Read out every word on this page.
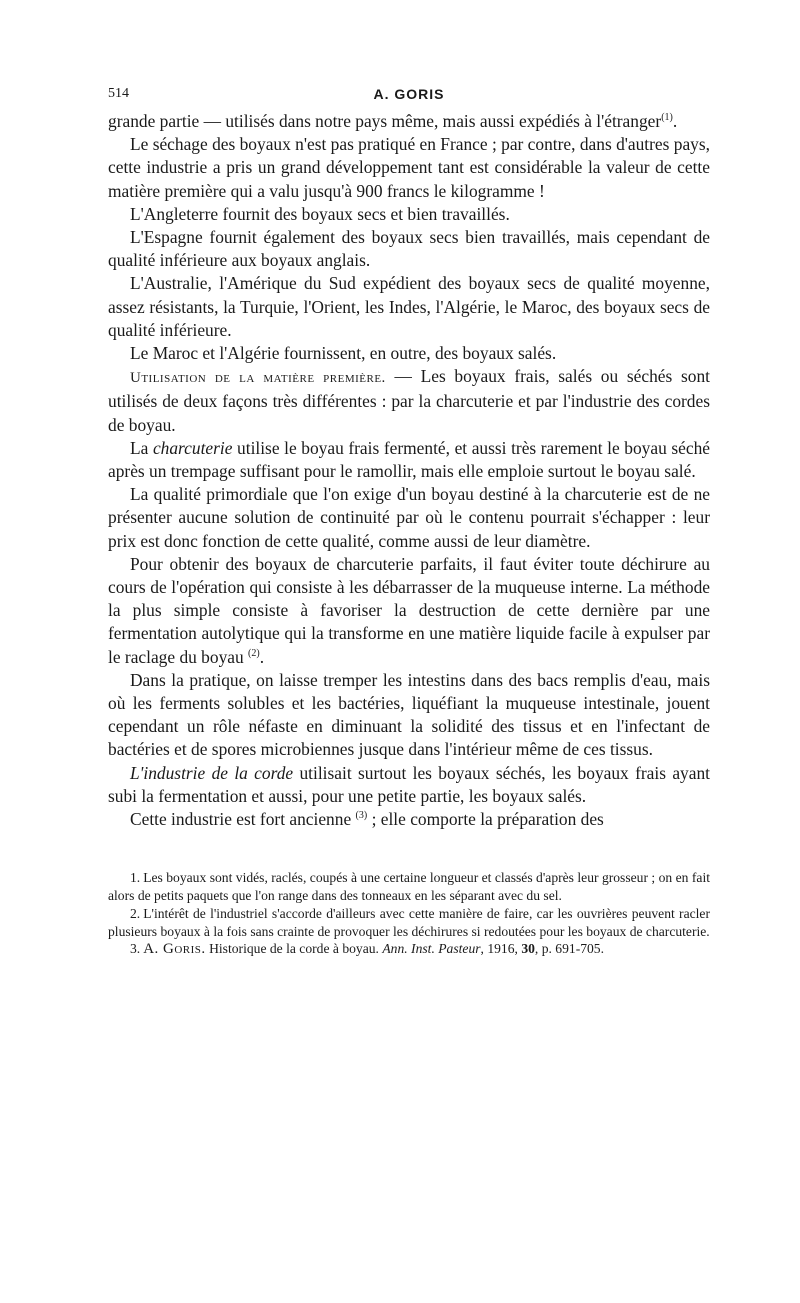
514	A. GORIS

grande partie — utilisés dans notre pays même, mais aussi expédiés à l'étranger$^{(1)}$.

Le séchage des boyaux n'est pas pratiqué en France ; par contre, dans d'autres pays, cette industrie a pris un grand développement tant est considérable la valeur de cette matière première qui a valu jusqu'à 900 francs le kilogramme !

L'Angleterre fournit des boyaux secs et bien travaillés.

L'Espagne fournit également des boyaux secs bien travaillés, mais cependant de qualité inférieure aux boyaux anglais.

L'Australie, l'Amérique du Sud expédient des boyaux secs de qualité moyenne, assez résistants, la Turquie, l'Orient, les Indes, l'Algérie, le Maroc, des boyaux secs de qualité inférieure.

Le Maroc et l'Algérie fournissent, en outre, des boyaux salés.

Utilisation de la matière première. — Les boyaux frais, salés ou séchés sont utilisés de deux façons très différentes : par la charcuterie et par l'industrie des cordes de boyau.

La charcuterie utilise le boyau frais fermenté, et aussi très rarement le boyau séché après un trempage suffisant pour le ramollir, mais elle emploie surtout le boyau salé.

La qualité primordiale que l'on exige d'un boyau destiné à la charcuterie est de ne présenter aucune solution de continuité par où le contenu pourrait s'échapper : leur prix est donc fonction de cette qualité, comme aussi de leur diamètre.

Pour obtenir des boyaux de charcuterie parfaits, il faut éviter toute déchirure au cours de l'opération qui consiste à les débarrasser de la muqueuse interne. La méthode la plus simple consiste à favoriser la destruction de cette dernière par une fermentation autolytique qui la transforme en une matière liquide facile à expulser par le raclage du boyau $^{(2)}$.

Dans la pratique, on laisse tremper les intestins dans des bacs remplis d'eau, mais où les ferments solubles et les bactéries, liquéfiant la muqueuse intestinale, jouent cependant un rôle néfaste en diminuant la solidité des tissus et en l'infectant de bactéries et de spores microbiennes jusque dans l'intérieur même de ces tissus.

L'industrie de la corde utilisait surtout les boyaux séchés, les boyaux frais ayant subi la fermentation et aussi, pour une petite partie, les boyaux salés.

Cette industrie est fort ancienne $^{(3)}$ ; elle comporte la préparation des

1. Les boyaux sont vidés, raclés, coupés à une certaine longueur et classés d'après leur grosseur ; on en fait alors de petits paquets que l'on range dans des tonneaux en les séparant avec du sel.

2. L'intérêt de l'industriel s'accorde d'ailleurs avec cette manière de faire, car les ouvrières peuvent racler plusieurs boyaux à la fois sans crainte de provoquer les déchirures si redoutées pour les boyaux de charcuterie.

3. A. Goris. Historique de la corde à boyau. Ann. Inst. Pasteur, 1916, 30, p. 691-705.
